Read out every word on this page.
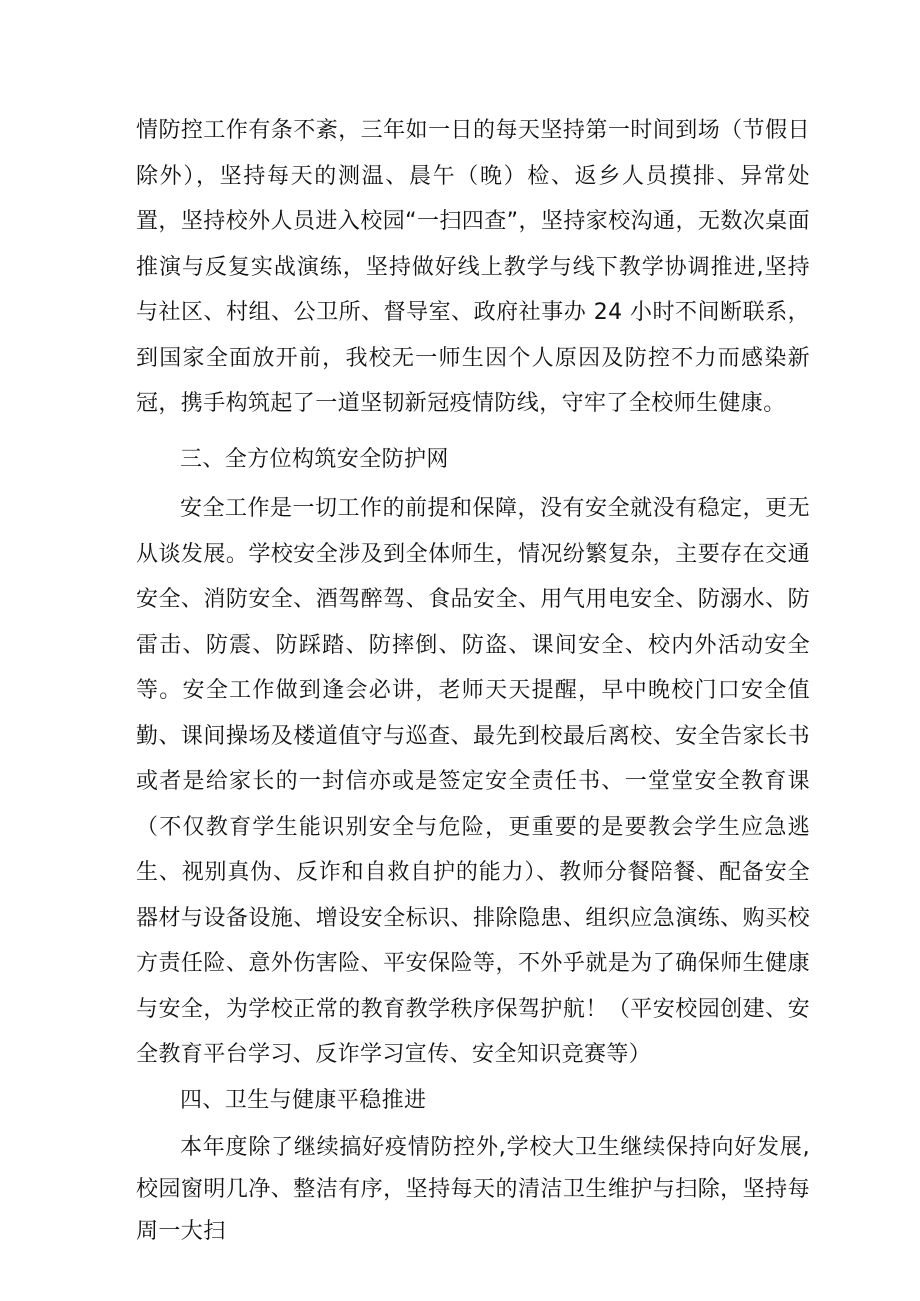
情防控工作有条不紊，三年如一日的每天坚持第一时间到场（节假日除外），坚持每天的测温、晨午（晚）检、返乡人员摸排、异常处置，坚持校外人员进入校园“一扫四查”，坚持家校沟通，无数次桌面推演与反复实战演练，坚持做好线上教学与线下教学协调推进,坚持与社区、村组、公卫所、督导室、政府社事办 24 小时不间断联系，到国家全面放开前，我校无一师生因个人原因及防控不力而感染新冠，携手构筑起了一道坚韧新冠疫情防线，守牢了全校师生健康。

三、全方位构筑安全防护网

安全工作是一切工作的前提和保障，没有安全就没有稳定，更无从谈发展。学校安全涉及到全体师生，情况纷繁复杂，主要存在交通安全、消防安全、酒驾醉驾、食品安全、用气用电安全、防溺水、防雷击、防震、防踩踏、防摔倒、防盗、课间安全、校内外活动安全等。安全工作做到逢会必讲，老师天天提醒，早中晚校门口安全值勤、课间操场及楼道值守与巡查、最先到校最后离校、安全告家长书或者是给家长的一封信亦或是签定安全责任书、一堂堂安全教育课（不仅教育学生能识别安全与危险，更重要的是要教会学生应急逃生、视别真伪、反诈和自救自护的能力）、教师分餐陪餐、配备安全器材与设备设施、增设安全标识、排除隐患、组织应急演练、购买校方责任险、意外伤害险、平安保险等，不外乎就是为了确保师生健康与安全，为学校正常的教育教学秩序保驾护航！（平安校园创建、安全教育平台学习、反诈学习宣传、安全知识竞赛等）

四、卫生与健康平稳推进

本年度除了继续搞好疫情防控外,学校大卫生继续保持向好发展,校园窗明几净、整洁有序，坚持每天的清洁卫生维护与扫除，坚持每周一大扫
